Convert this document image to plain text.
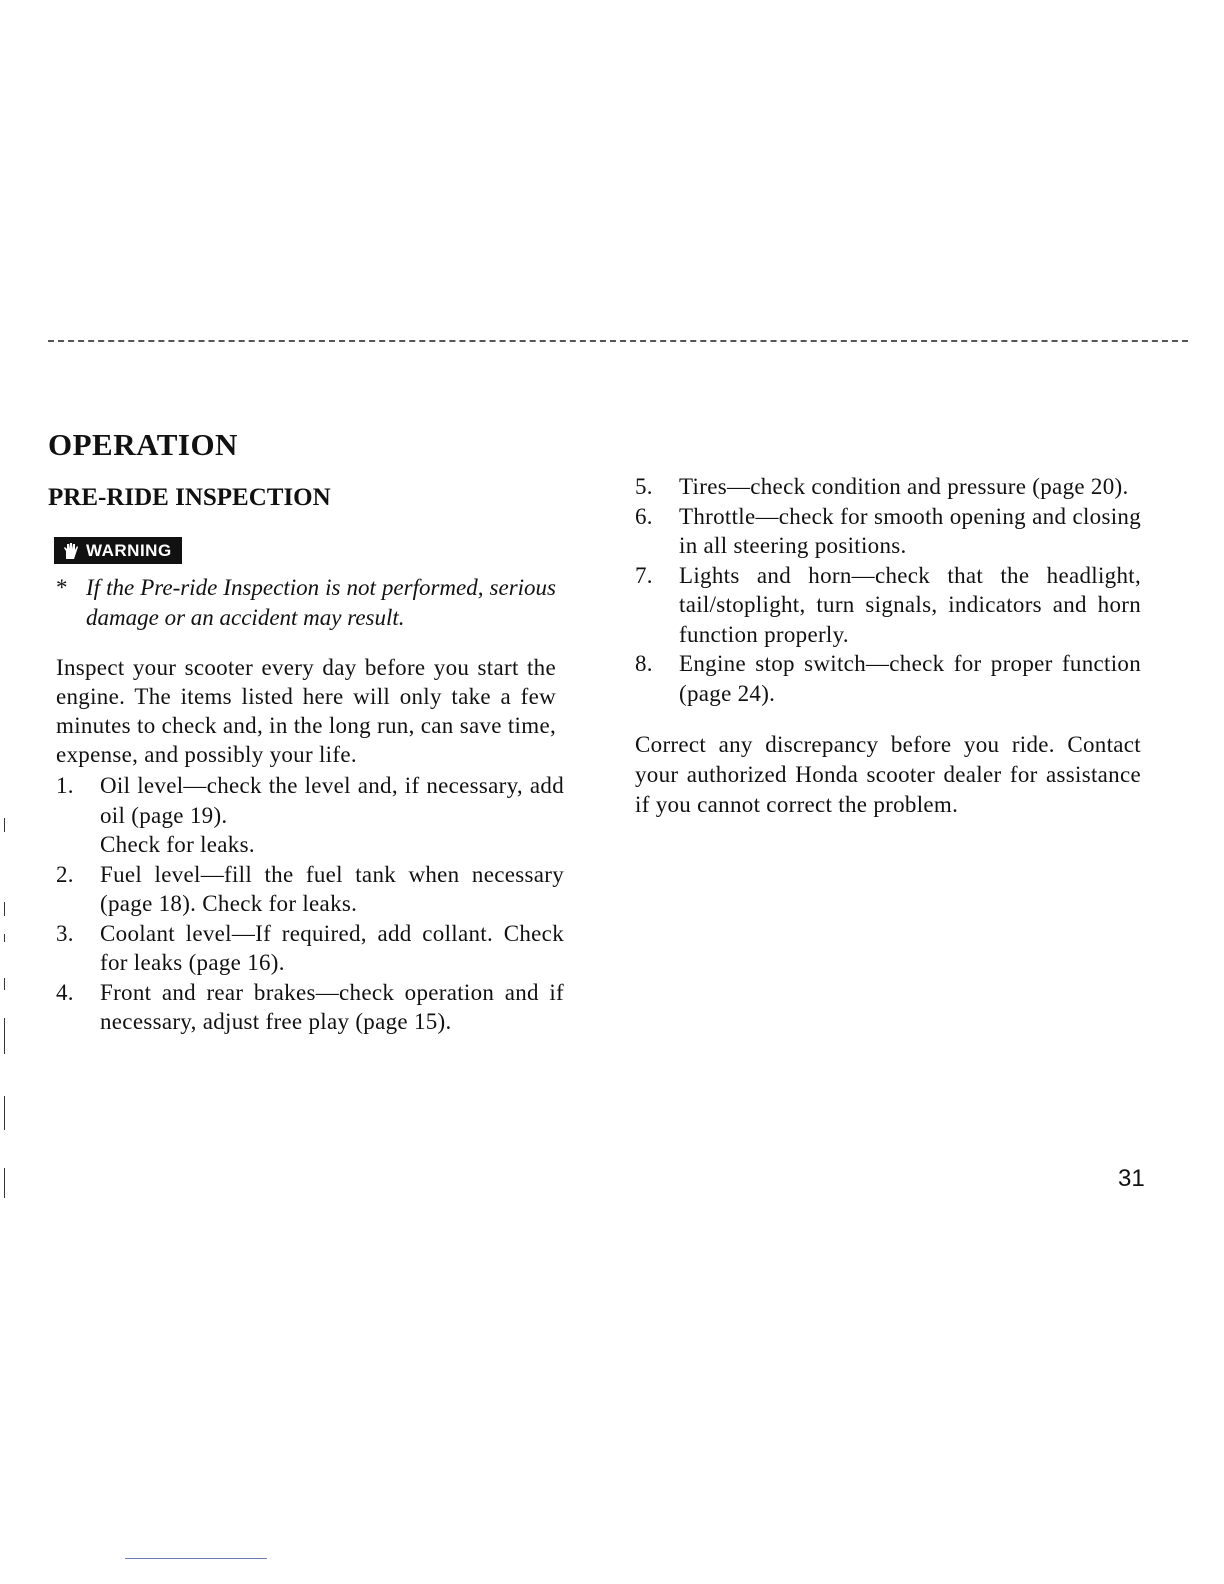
OPERATION
PRE-RIDE INSPECTION
WARNING
* If the Pre-ride Inspection is not performed, serious damage or an accident may result.

Inspect your scooter every day before you start the engine. The items listed here will only take a few minutes to check and, in the long run, can save time, expense, and possibly your life.

1. Oil level—check the level and, if necessary, add oil (page 19).
Check for leaks.
2. Fuel level—fill the fuel tank when necessary (page 18). Check for leaks.
3. Coolant level—If required, add collant. Check for leaks (page 16).
4. Front and rear brakes—check operation and if necessary, adjust free play (page 15).
5. Tires—check condition and pressure (page 20).
6. Throttle—check for smooth opening and closing in all steering positions.
7. Lights and horn—check that the headlight, tail/stoplight, turn signals, indicators and horn function properly.
8. Engine stop switch—check for proper function (page 24).

Correct any discrepancy before you ride. Contact your authorized Honda scooter dealer for assistance if you cannot correct the problem.

31
